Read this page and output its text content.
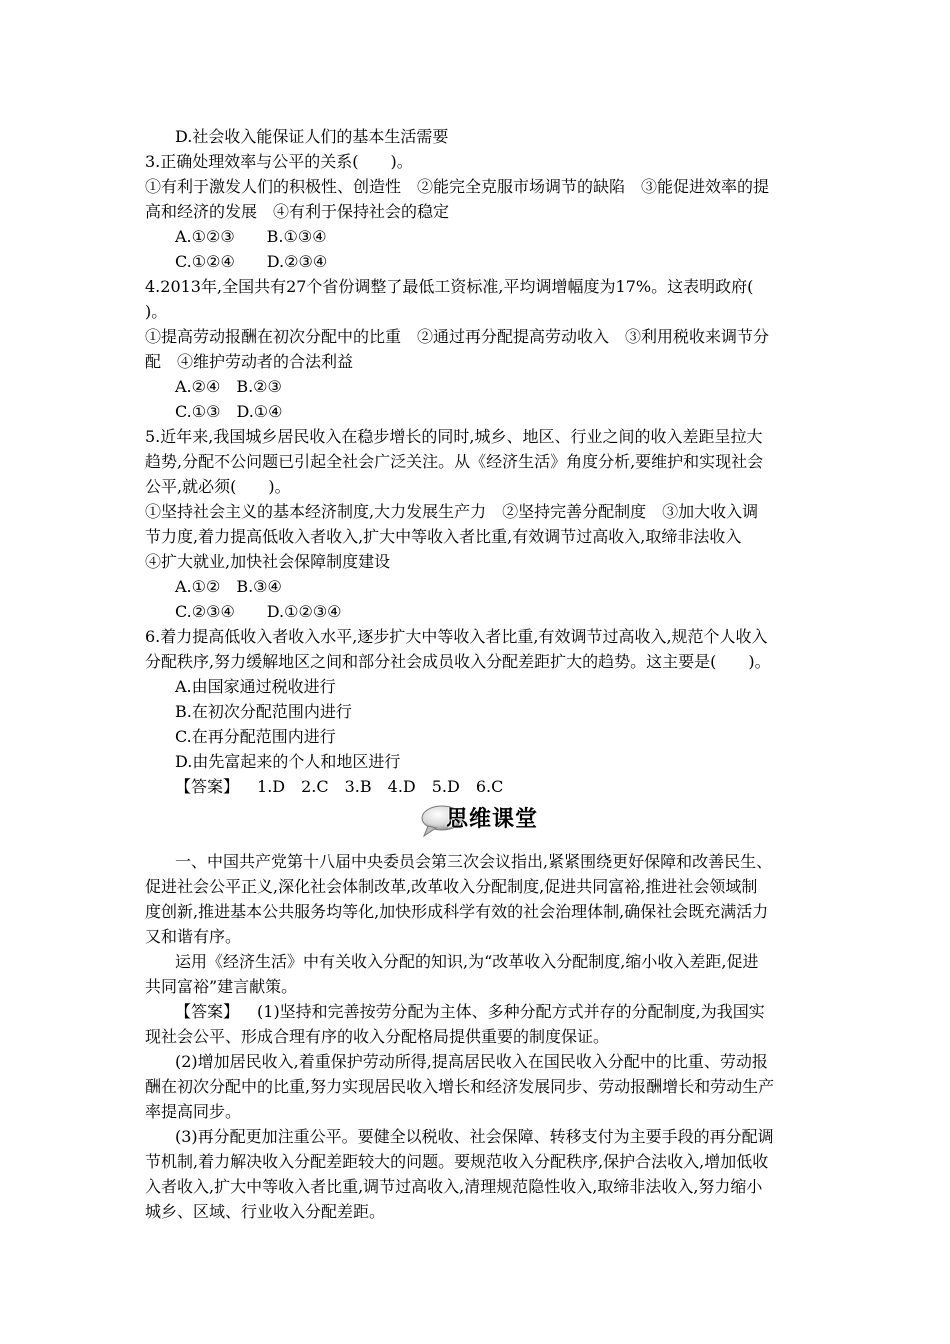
D.社会收入能保证人们的基本生活需要
3.正确处理效率与公平的关系(　　)。
①有利于激发人们的积极性、创造性　②能完全克服市场调节的缺陷　③能促进效率的提
高和经济的发展　④有利于保持社会的稳定
A.①②③　　B.①③④
C.①②④　　D.②③④
4.2013年,全国共有27个省份调整了最低工资标准,平均调增幅度为17%。这表明政府(
)。
①提高劳动报酬在初次分配中的比重　②通过再分配提高劳动收入　③利用税收来调节分
配　④维护劳动者的合法利益
A.②④　B.②③
C.①③　D.①④
5.近年来,我国城乡居民收入在稳步增长的同时,城乡、地区、行业之间的收入差距呈拉大
趋势,分配不公问题已引起全社会广泛关注。从《经济生活》角度分析,要维护和实现社会
公平,就必须(　　)。
①坚持社会主义的基本经济制度,大力发展生产力　②坚持完善分配制度　③加大收入调
节力度,着力提高低收入者收入,扩大中等收入者比重,有效调节过高收入,取缔非法收入
④扩大就业,加快社会保障制度建设
A.①②　B.③④
C.②③④　　D.①②③④
6.着力提高低收入者收入水平,逐步扩大中等收入者比重,有效调节过高收入,规范个人收入
分配秩序,努力缓解地区之间和部分社会成员收入分配差距扩大的趋势。这主要是(　　)。
A.由国家通过税收进行
B.在初次分配范围内进行
C.在再分配范围内进行
D.由先富起来的个人和地区进行
【答案】 1.D　2.C　3.B　4.D　5.D　6.C
思维课堂
一、中国共产党第十八届中央委员会第三次会议指出,紧紧围绕更好保障和改善民生、
促进社会公平正义,深化社会体制改革,改革收入分配制度,促进共同富裕,推进社会领域制
度创新,推进基本公共服务均等化,加快形成科学有效的社会治理体制,确保社会既充满活力
又和谐有序。
运用《经济生活》中有关收入分配的知识,为“改革收入分配制度,缩小收入差距,促进
共同富裕”建言献策。
【答案】 (1)坚持和完善按劳分配为主体、多种分配方式并存的分配制度,为我国实
现社会公平、形成合理有序的收入分配格局提供重要的制度保证。
(2)增加居民收入,着重保护劳动所得,提高居民收入在国民收入分配中的比重、劳动报
酬在初次分配中的比重,努力实现居民收入增长和经济发展同步、劳动报酬增长和劳动生产
率提高同步。
(3)再分配更加注重公平。要健全以税收、社会保障、转移支付为主要手段的再分配调
节机制,着力解决收入分配差距较大的问题。要规范收入分配秩序,保护合法收入,增加低收
入者收入,扩大中等收入者比重,调节过高收入,清理规范隐性收入,取缔非法收入,努力缩小
城乡、区域、行业收入分配差距。
